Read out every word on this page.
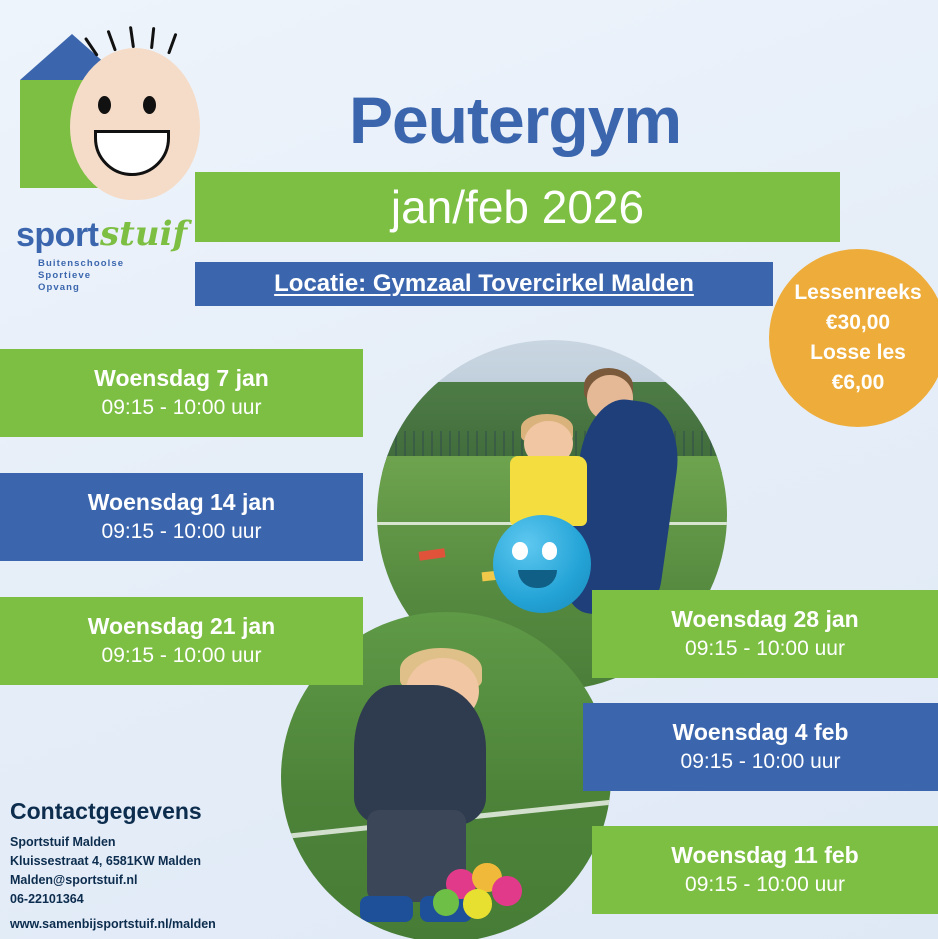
sport stuif
Buitenschoolse
Sportieve
Opvang
Peutergym
jan/feb 2026
Locatie: Gymzaal Tovercirkel Malden	Lessenreeks
€30,00
Losse les
€6,00
Woensdag 7 jan
09:15 - 10:00 uur
Woensdag 14 jan
09:15 - 10:00 uur
Woensdag 21 jan
09:15 - 10:00 uur
Woensdag 28 jan
09:15 - 10:00 uur
Woensdag 4 feb
09:15 - 10:00 uur
Woensdag 11 feb
09:15 - 10:00 uur
Contactgegevens

Sportstuif Malden

Kluissestraat 4, 6581KW Malden

Malden@sportstuif.nl

06-22101364

www.samenbijsportstuif.nl/malden
